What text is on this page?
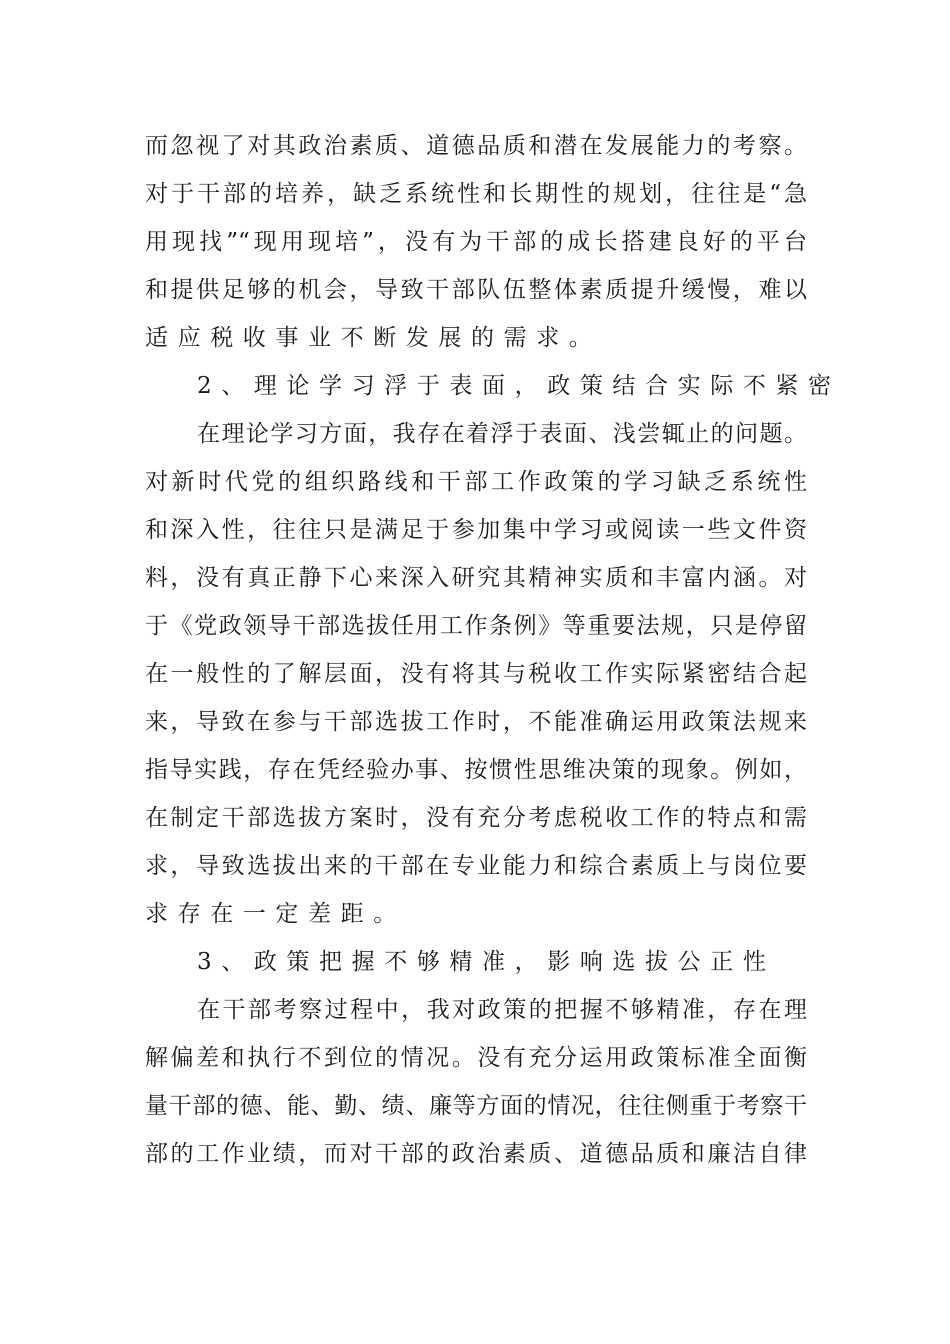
而忽视了对其政治素质、道德品质和潜在发展能力的考察。
对于干部的培养，缺乏系统性和长期性的规划，往往是“急
用现找”“现用现培”，没有为干部的成长搭建良好的平台
和提供足够的机会，导致干部队伍整体素质提升缓慢，难以
适应税收事业不断发展的需求。
2、理论学习浮于表面，政策结合实际不紧密
在理论学习方面，我存在着浮于表面、浅尝辄止的问题。
对新时代党的组织路线和干部工作政策的学习缺乏系统性
和深入性，往往只是满足于参加集中学习或阅读一些文件资
料，没有真正静下心来深入研究其精神实质和丰富内涵。对
于《党政领导干部选拔任用工作条例》等重要法规，只是停留
在一般性的了解层面，没有将其与税收工作实际紧密结合起
来，导致在参与干部选拔工作时，不能准确运用政策法规来
指导实践，存在凭经验办事、按惯性思维决策的现象。例如，
在制定干部选拔方案时，没有充分考虑税收工作的特点和需
求，导致选拔出来的干部在专业能力和综合素质上与岗位要
求存在一定差距。
3、政策把握不够精准，影响选拔公正性
在干部考察过程中，我对政策的把握不够精准，存在理
解偏差和执行不到位的情况。没有充分运用政策标准全面衡
量干部的德、能、勤、绩、廉等方面的情况，往往侧重于考察干
部的工作业绩，而对干部的政治素质、道德品质和廉洁自律
